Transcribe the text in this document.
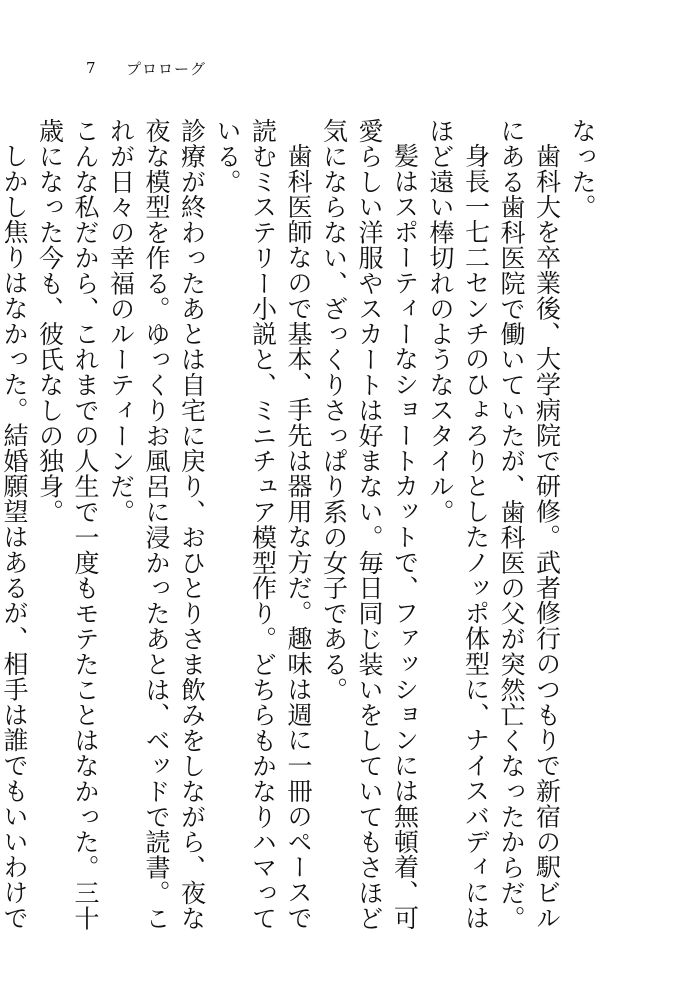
7	プロローグ

なった。

歯科大を卒業後、大学病院で研修。武者修行のつもりで新宿の駅ビルにある歯科医院で働いていたが、歯科医の父が突然亡くなったからだ。

身長一七二センチのひょろりとしたノッポ体型に、ナイスバディにはほど遠い棒切れのようなスタイル。

髪はスポーティーなショートカットで、ファッションには無頓着、可愛らしい洋服やスカートは好まない。毎日同じ装いをしていてもさほど気にならない、ざっくりさっぱり系の女子である。

歯科医師なので基本、手先は器用な方だ。趣味は週に一冊のペースで読むミステリー小説と、ミニチュア模型作り。どちらもかなりハマっている。

診療が終わったあとは自宅に戻り、おひとりさま飲みをしながら、夜な夜な模型を作る。ゆっくりお風呂に浸かったあとは、ベッドで読書。これが日々の幸福のルーティーンだ。

こんな私だから、これまでの人生で一度もモテたことはなかった。三十歳になった今も、彼氏なしの独身。

しかし焦りはなかった。結婚願望はあるが、相手は誰でもいいわけで
